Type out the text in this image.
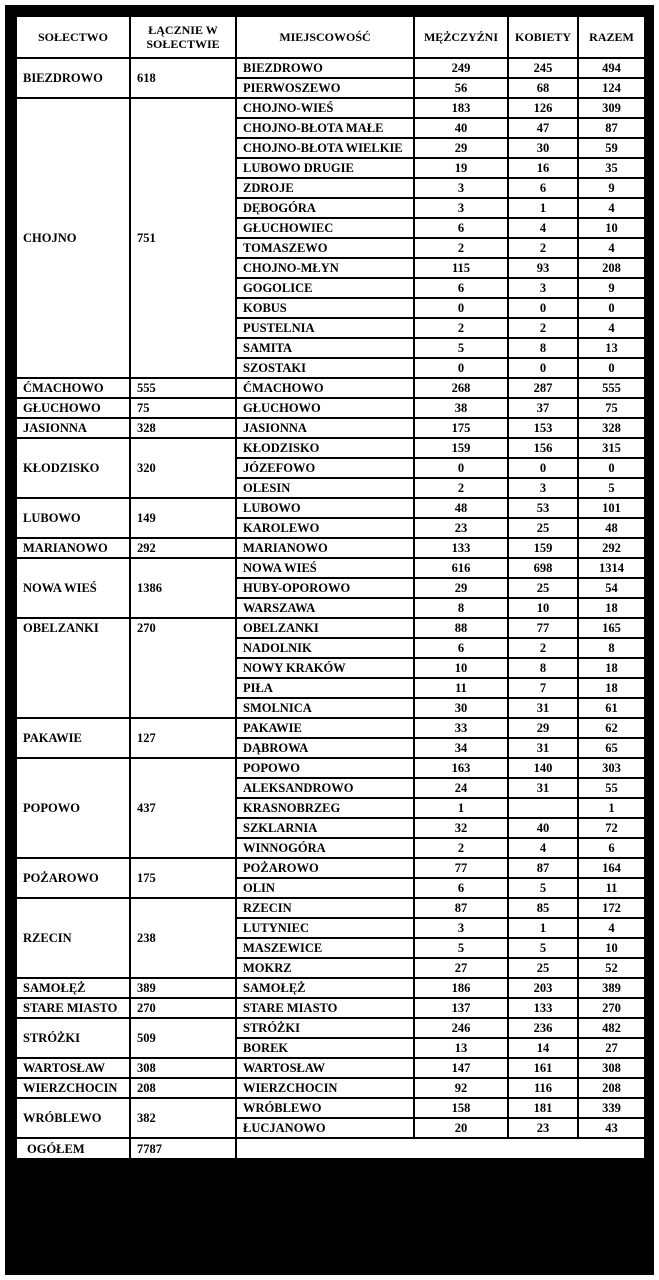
SOŁECTWO	ŁĄCZNIE W SOŁECTWIE	MIEJSCOWOŚĆ	MĘŻCZYŹNI	KOBIETY	RAZEM
BIEZDROWO	618	BIEZDROWO	249	245	494
		PIERWOSZEWO	56	68	124
CHOJNO	751	CHOJNO-WIEŚ	183	126	309
		CHOJNO-BŁOTA MAŁE	40	47	87
		CHOJNO-BŁOTA WIELKIE	29	30	59
		LUBOWO DRUGIE	19	16	35
		ZDROJE	3	6	9
		DĘBOGÓRA	3	1	4
		GŁUCHOWIEC	6	4	10
		TOMASZEWO	2	2	4
		CHOJNO-MŁYN	115	93	208
		GOGOLICE	6	3	9
		KOBUS	0	0	0
		PUSTELNIA	2	2	4
		SAMITA	5	8	13
		SZOSTAKI	0	0	0
ĆMACHOWO	555	ĆMACHOWO	268	287	555
GŁUCHOWO	75	GŁUCHOWO	38	37	75
JASIONNA	328	JASIONNA	175	153	328
KŁODZISKO	320	KŁODZISKO	159	156	315
		JÓZEFOWO	0	0	0
		OLESIN	2	3	5
LUBOWO	149	LUBOWO	48	53	101
		KAROLEWO	23	25	48
MARIANOWO	292	MARIANOWO	133	159	292
NOWA WIEŚ	1386	NOWA WIEŚ	616	698	1314
		HUBY-OPOROWO	29	25	54
		WARSZAWA	8	10	18
OBELZANKI	270	OBELZANKI	88	77	165
		NADOLNIK	6	2	8
		NOWY KRAKÓW	10	8	18
		PIŁA	11	7	18
		SMOLNICA	30	31	61
PAKAWIE	127	PAKAWIE	33	29	62
		DĄBROWA	34	31	65
POPOWO	437	POPOWO	163	140	303
		ALEKSANDROWO	24	31	55
		KRASNOBRZEG	1		1
		SZKLARNIA	32	40	72
		WINNOGÓRA	2	4	6
POŻAROWO	175	POŻAROWO	77	87	164
		OLIN	6	5	11
RZECIN	238	RZECIN	87	85	172
		LUTYNIEC	3	1	4
		MASZEWICE	5	5	10
		MOKRZ	27	25	52
SAMOŁĘŻ	389	SAMOŁĘŻ	186	203	389
STARE MIASTO	270	STARE MIASTO	137	133	270
STRÓŻKI	509	STRÓŻKI	246	236	482
		BOREK	13	14	27
WARTOSŁAW	308	WARTOSŁAW	147	161	308
WIERZCHOCIN	208	WIERZCHOCIN	92	116	208
WRÓBLEWO	382	WRÓBLEWO	158	181	339
		ŁUCJANOWO	20	23	43
OGÓŁEM	7787				
